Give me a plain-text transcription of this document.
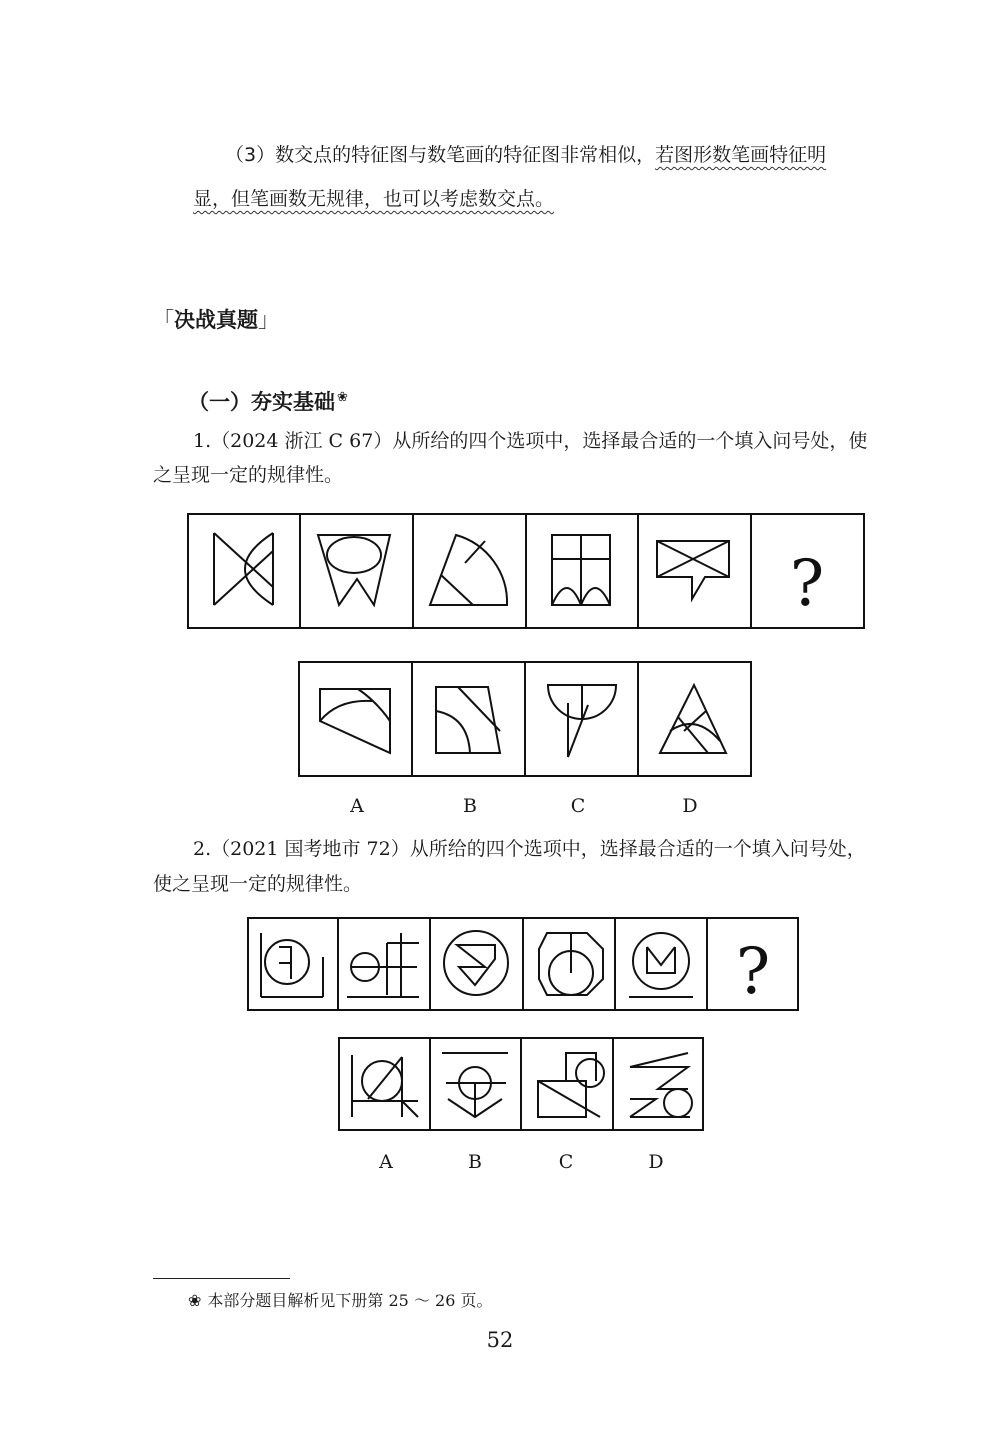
（3）数交点的特征图与数笔画的特征图非常相似，若图形数笔画特征明
显，但笔画数无规律，也可以考虑数交点。
「决战真题」
（一）夯实基础 ❀
1.（2024 浙江 C 67）从所给的四个选项中，选择最合适的一个填入问号处，使
之呈现一定的规律性。
?
A	B	C	D
2.（2021 国考地市 72）从所给的四个选项中，选择最合适的一个填入问号处，
使之呈现一定的规律性。
?
A	B	C	D
❀ 本部分题目解析见下册第 25 ～ 26 页。
52
